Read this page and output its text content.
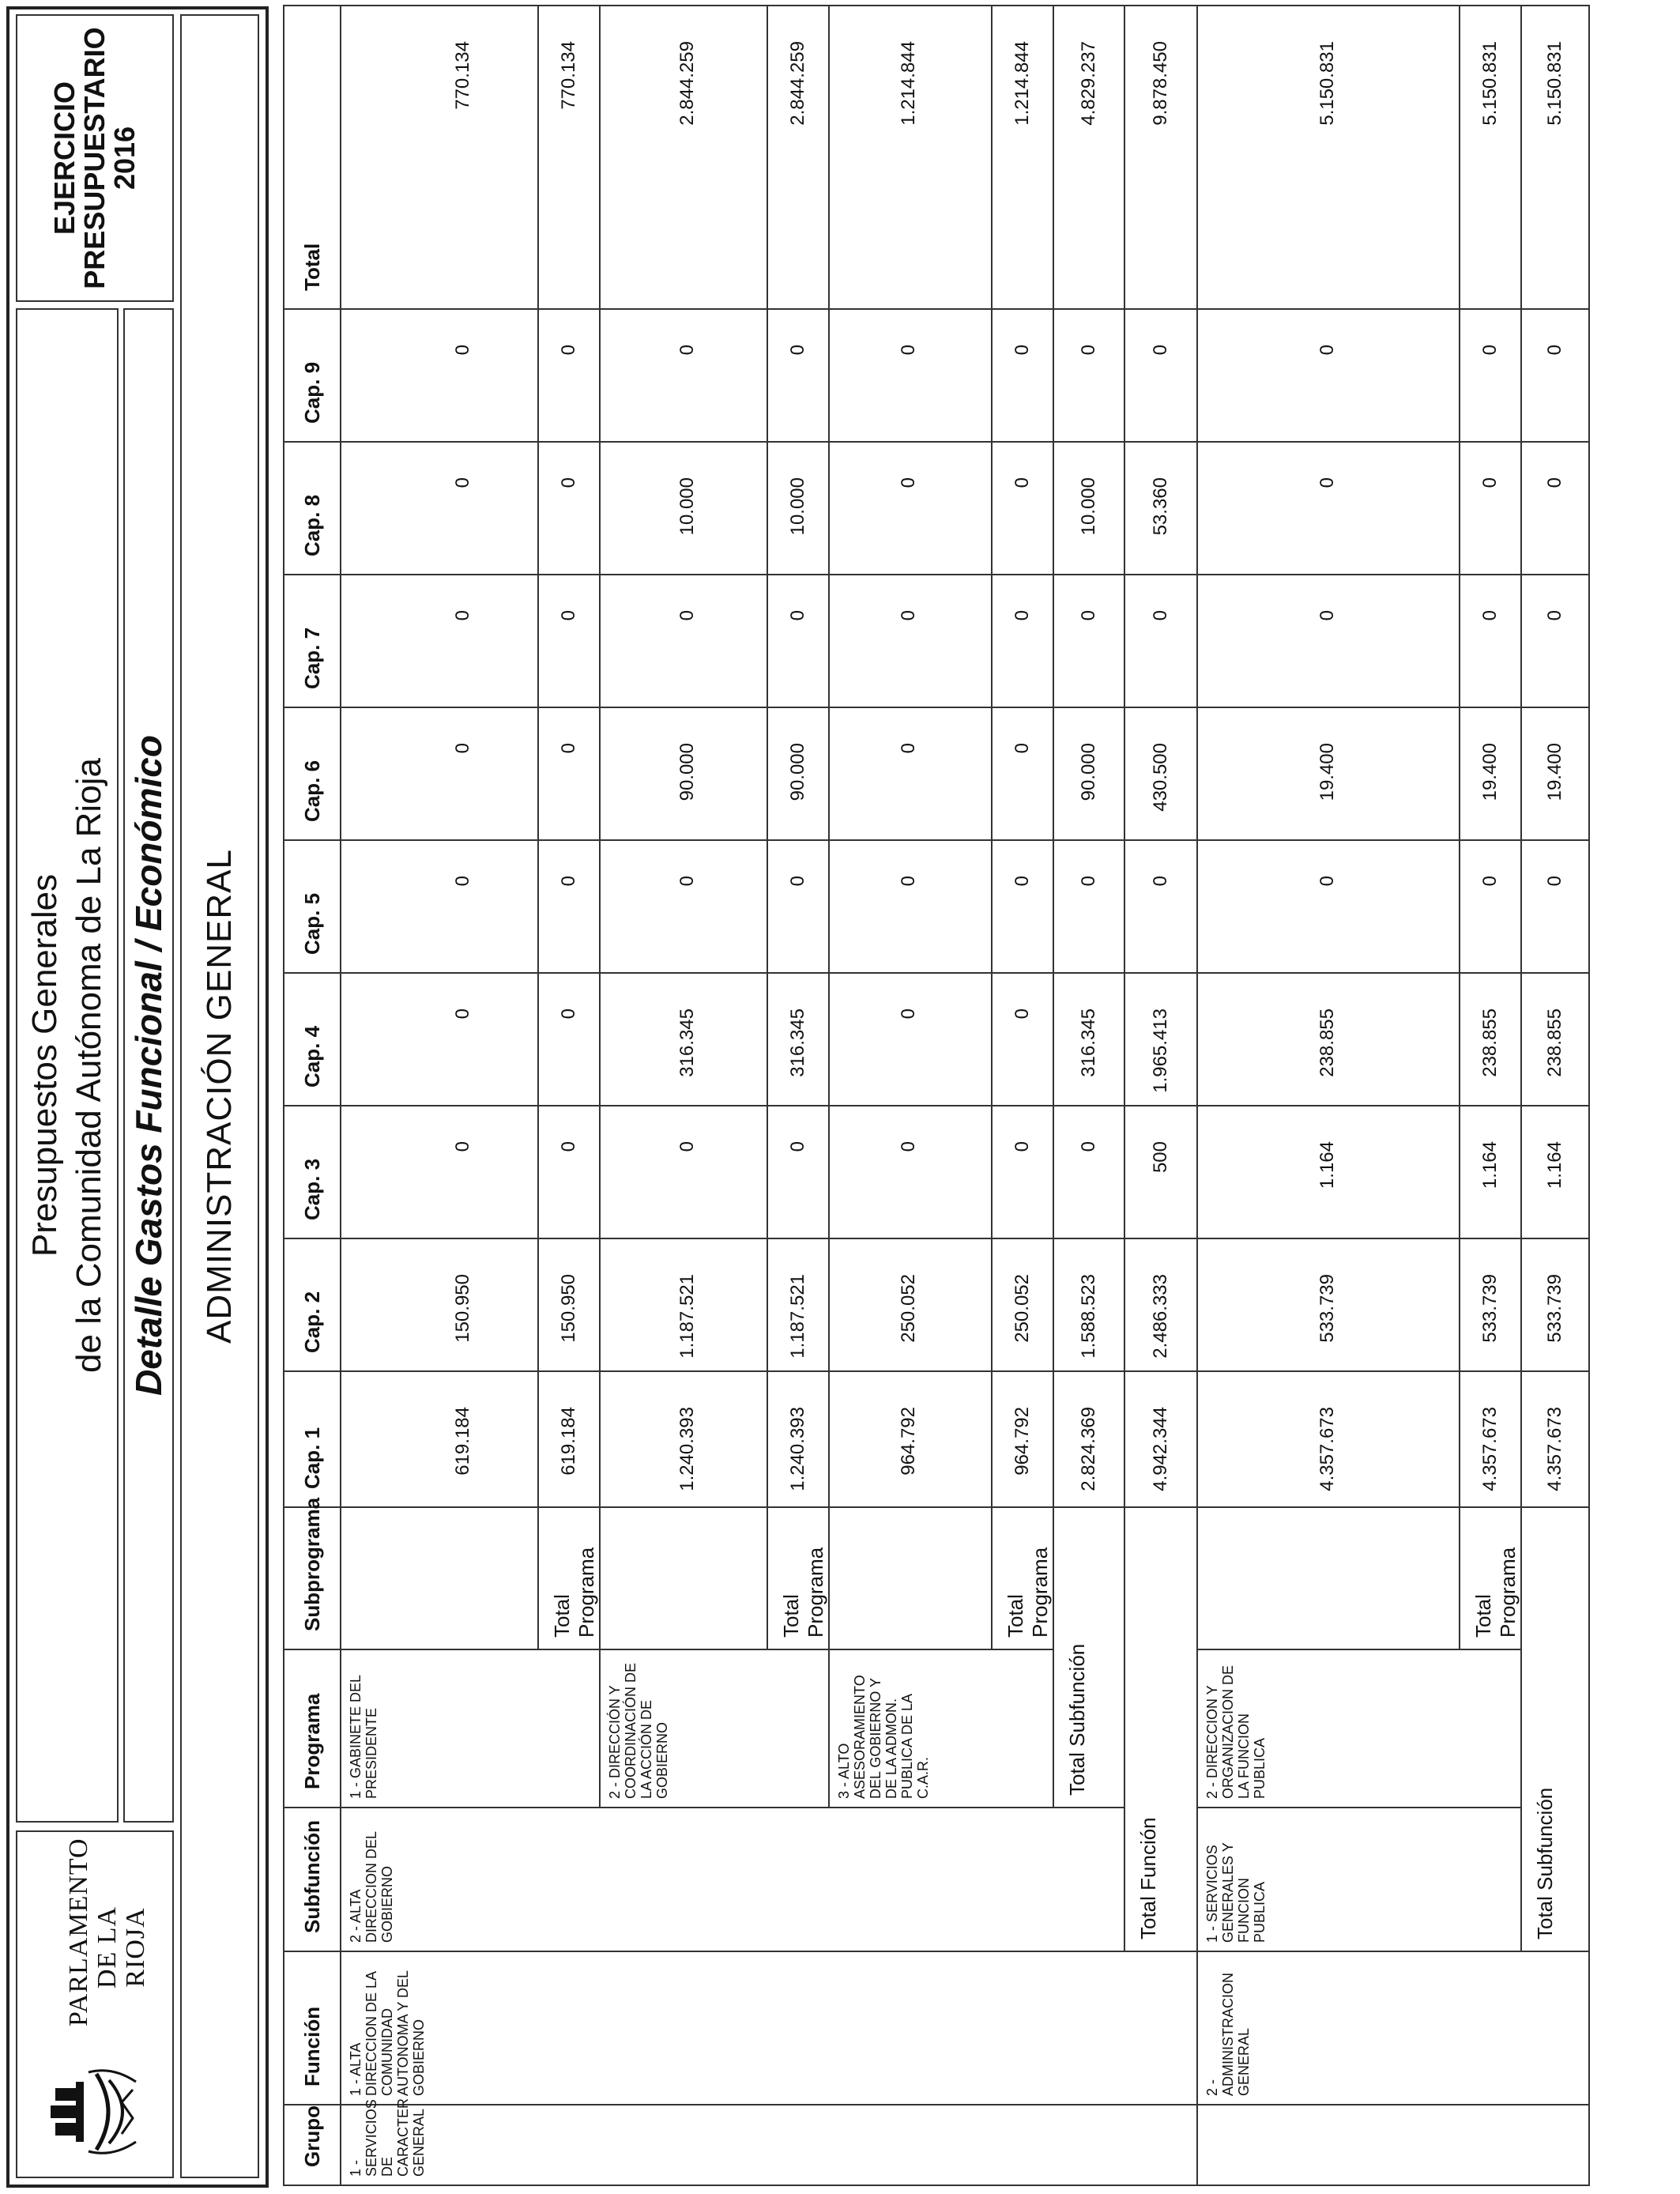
PARLAMENTO DE LA RIOJA
Presupuestos Generales de la Comunidad Autónoma de La Rioja Detalle Gastos Funcional / Económico
EJERCICIO
PRESUPUESTARIO
2016
ADMINISTRACIÓN GENERAL
Grupo	Función	Subfunción	Programa	Subprograma	Cap. 1	Cap. 2	Cap. 3	Cap. 4	Cap. 5	Cap. 6	Cap. 7	Cap. 8	Cap. 9	Total
1 - SERVICIOS DE CARACTER GENERAL	1 - ALTA DIRECCION DE LA COMUNIDAD AUTONOMA Y DEL GOBIERNO	2 - ALTA DIRECCION DEL GOBIERNO	1 - GABINETE DEL PRESIDENTE		619.184	150.950	0	0	0	0	0	0	0	770.134
				Total Programa	619.184	150.950	0	0	0	0	0	0	0	770.134
			2 - DIRECCIÓN Y COORDINACIÓN DE LA ACCIÓN DE GOBIERNO		1.240.393	1.187.521	0	316.345	0	90.000	0	10.000	0	2.844.259
				Total Programa	1.240.393	1.187.521	0	316.345	0	90.000	0	10.000	0	2.844.259
			3 - ALTO ASESORAMIENTO DEL GOBIERNO Y DE LA ADMON. PUBLICA DE LA C.A.R.		964.792	250.052	0	0	0	0	0	0	0	1.214.844
				Total Programa	964.792	250.052	0	0	0	0	0	0	0	1.214.844
			Total Subfunción		2.824.369	1.588.523	0	316.345	0	90.000	0	10.000	0	4.829.237
		Total Función			4.942.344	2.486.333	500	1.965.413	0	430.500	0	53.360	0	9.878.450
	2 - ADMINISTRACION GENERAL	1 - SERVICIOS GENERALES Y FUNCION PUBLICA	2 - DIRECCION Y ORGANIZACION DE LA FUNCION PUBLICA		4.357.673	533.739	1.164	238.855	0	19.400	0	0	0	5.150.831
				Total Programa	4.357.673	533.739	1.164	238.855	0	19.400	0	0	0	5.150.831
		Total Subfunción			4.357.673	533.739	1.164	238.855	0	19.400	0	0	0	5.150.831
